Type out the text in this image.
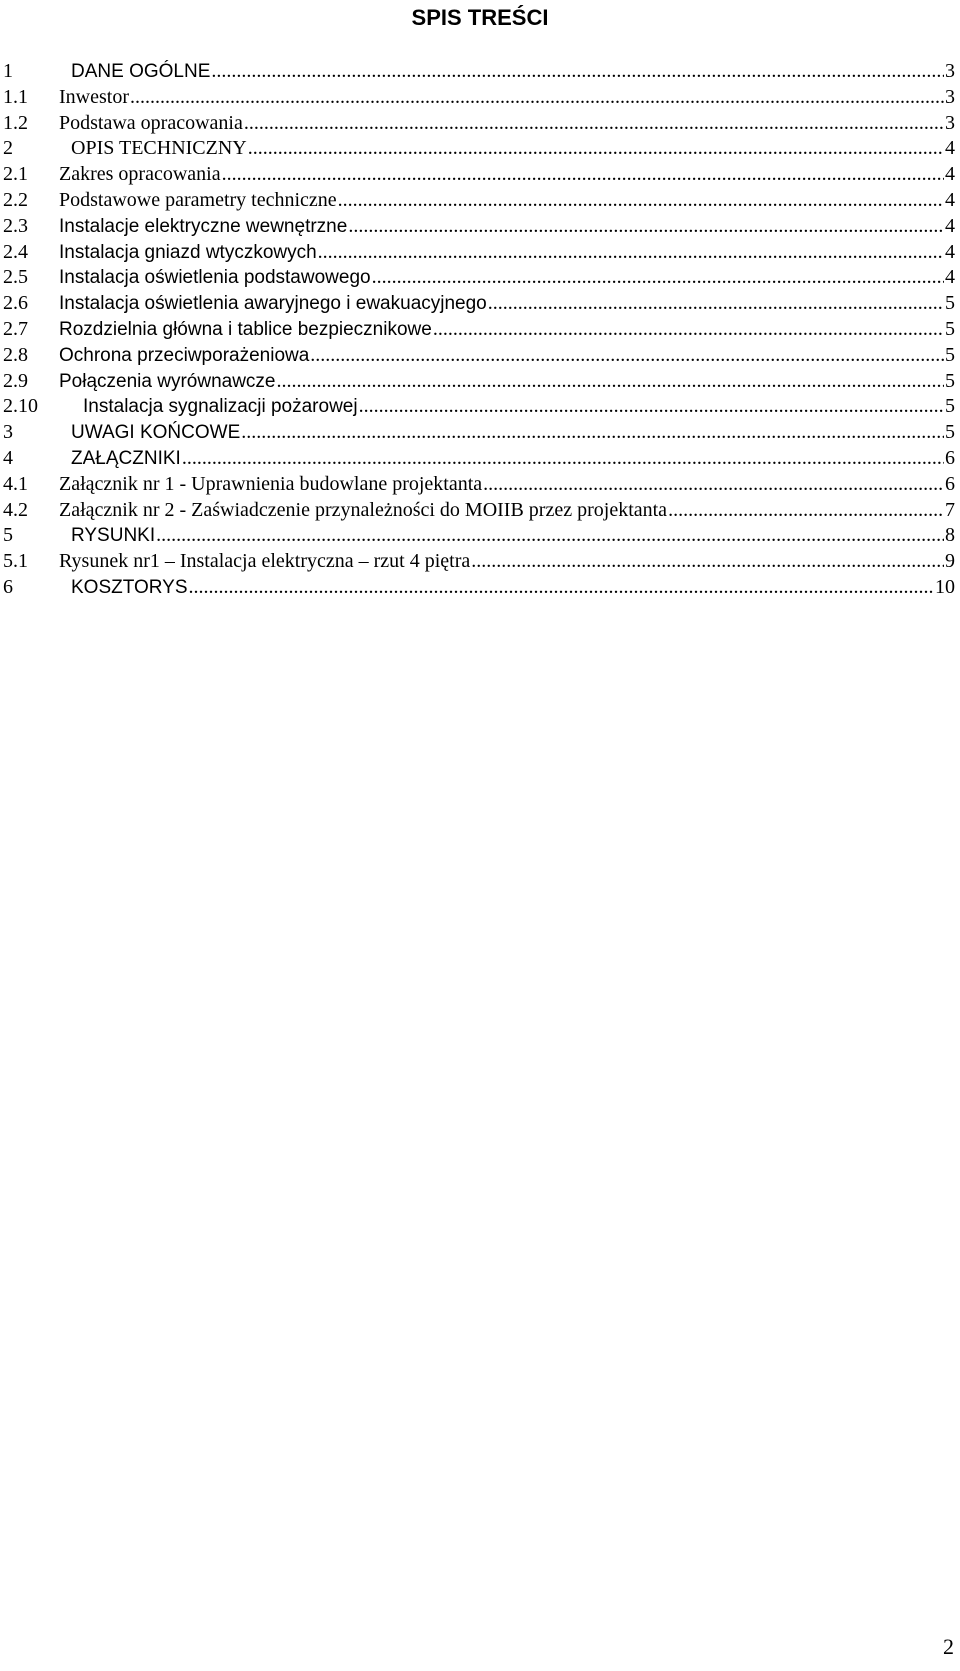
SPIS TREŚCI
1	DANE OGÓLNE .....	3
1.1	Inwestor .....	3
1.2	Podstawa opracowania .....	3
2	OPIS TECHNICZNY .....	4
2.1	Zakres opracowania .....	4
2.2	Podstawowe parametry techniczne .....	4
2.3	Instalacje elektryczne wewnętrzne .....	4
2.4	Instalacja gniazd wtyczkowych .....	4
2.5	Instalacja oświetlenia podstawowego .....	4
2.6	Instalacja oświetlenia awaryjnego i ewakuacyjnego .....	5
2.7	Rozdzielnia główna i tablice bezpiecznikowe .....	5
2.8	Ochrona przeciwporażeniowa .....	5
2.9	Połączenia wyrównawcze .....	5
2.10	Instalacja sygnalizacji pożarowej .....	5
3	UWAGI KOŃCOWE .....	5
4	ZAŁĄCZNIKI .....	6
4.1	Załącznik nr 1 - Uprawnienia budowlane projektanta .....	6
4.2	Załącznik nr 2 - Zaświadczenie przynależności do MOIIB przez projektanta .....	7
5	RYSUNKI .....	8
5.1	Rysunek nr1 – Instalacja elektryczna – rzut 4 piętra .....	9
6	KOSZTORYS .....	10
2
